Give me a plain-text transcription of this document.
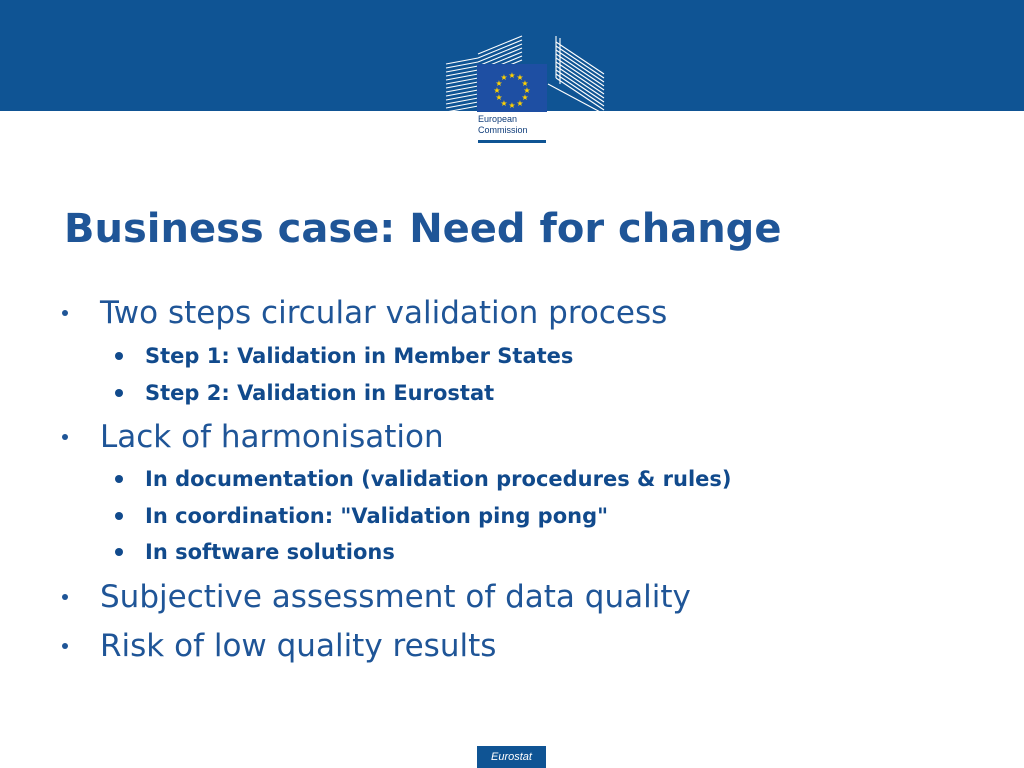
★ ★
★
★
★
★
★
★
★
★
★
★
European
Commission
Business case: Need for change
Two steps circular validation process
Step 1: Validation in Member States
Step 2: Validation in Eurostat
Lack of harmonisation
In documentation (validation procedures & rules)
In coordination: "Validation ping pong"
In software solutions
Subjective assessment of data quality
Risk of low quality results
Eurostat
